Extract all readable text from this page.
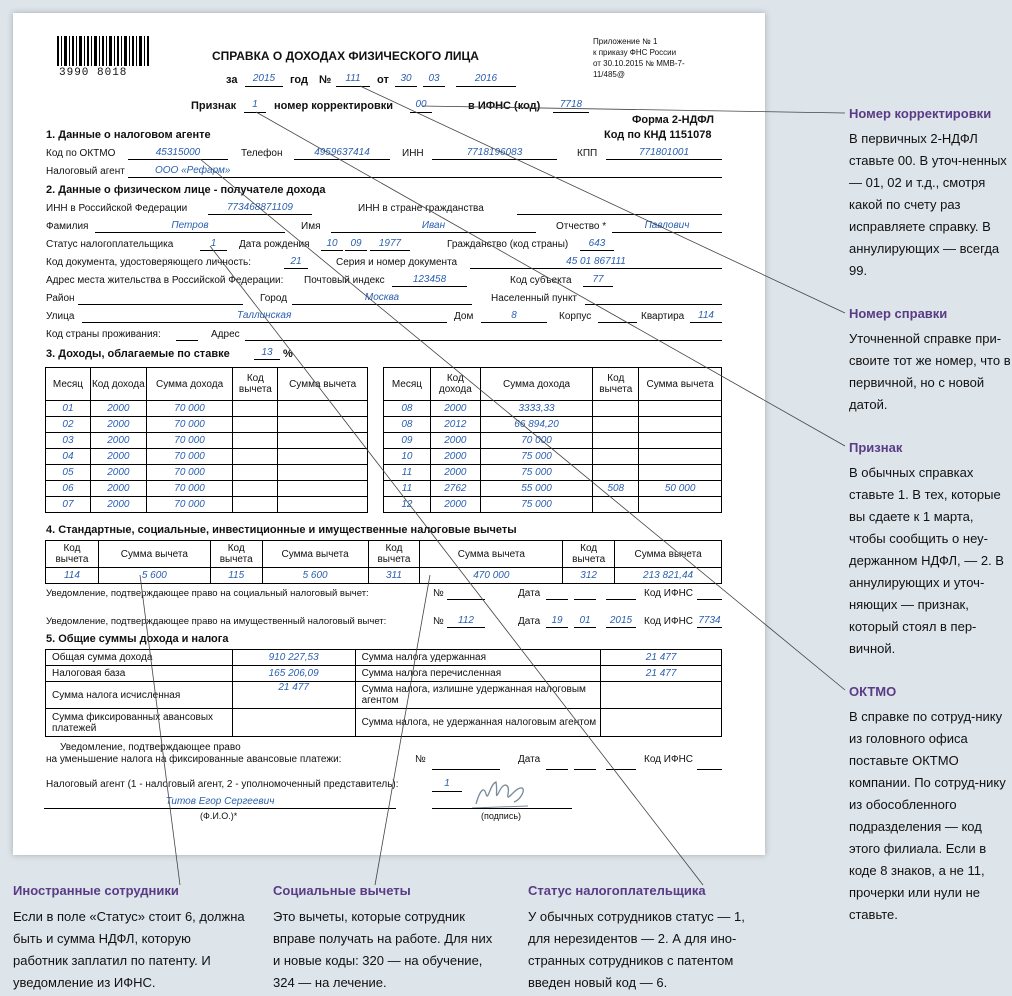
3990 8018
СПРАВКА О ДОХОДАХ ФИЗИЧЕСКОГО ЛИЦА
за	2015	год №	111	от	30	03	2016
Приложение № 1
к приказу ФНС России
от 30.10.2015 № ММВ-7-
11/485@
Признак	1	номер корректировки	00	в ИФНС (код)	7718
Форма 2-НДФЛ
Код по КНД 1151078
1. Данные о налоговом агенте
Код по ОКТМО	45315000	Телефон	4959637414	ИНН	7718196083	КПП	771801001
Налоговый агент	ООО «Рефарм»
2. Данные о физическом лице - получателе дохода
ИНН в Российской Федерации	773468871109	ИНН в стране гражданства
Фамилия	Петров	Имя	Иван	Отчество *	Павлович
Статус налогоплательщика	1	Дата рождения	10	09	1977	Гражданство (код страны)	643
Код документа, удостоверяющего личность:	21	Серия и номер документа	45 01 867111
Адрес места жительства в Российской Федерации: Почтовый индекс	123458	Код субъекта	77
Район	Город	Москва	Населенный пункт
Улица	Таллинская	Дом	8	Корпус	Квартира	114
Код страны проживания:	Адрес
3. Доходы, облагаемые по ставке	13 %
Месяц	Код дохода	Сумма дохода	Код вычета	Сумма вычета
01	2000	70 000		
02	2000	70 000		
03	2000	70 000		
04	2000	70 000		
05	2000	70 000		
06	2000	70 000		
07	2000	70 000		
Месяц	Код дохода	Сумма дохода	Код вычета	Сумма вычета
08	2000	3333,33		
08	2012	66 894,20		
09	2000	70 000		
10	2000	75 000		
11	2000	75 000		
11	2762	55 000	508	50 000
12	2000	75 000		
4. Стандартные, социальные, инвестиционные и имущественные налоговые вычеты
Код вычета	Сумма вычета	Код вычета	Сумма вычета	Код вычета	Сумма вычета	Код вычета	Сумма вычета
114	5 600	115	5 600	311	470 000	312	213 821,44
Уведомление, подтверждающее право на социальный налоговый вычет:	№	Дата	Код ИФНС
Уведомление, подтверждающее право на имущественный налоговый вычет:	№	112	Дата	19	01	2015	Код ИФНС 7734
5. Общие суммы дохода и налога
Общая сумма дохода	910 227,53	Сумма налога удержанная	21 477
Налоговая база	165 206,09	Сумма налога перечисленная	21 477
Сумма налога исчисленная	21 477	Сумма налога, излишне удержанная налоговым агентом	
Сумма фиксированных авансовых платежей		Сумма налога, не удержанная налоговым агентом	
Уведомление, подтверждающее правo
на уменьшение налога на фиксированные авансовые платежи:	№	Дата	Код ИФНС
Налоговый агент (1 - налоговый агент, 2 - уполномоченный представитель):	1
Титов Егор Сергеевич
(Ф.И.О.)*	(подпись)
Номер корректировки
В первичных 2-НДФЛ ставьте 00. В уточ-ненных — 01, 02 и т.д., смотря какой по счету раз исправляете справку. В аннулирующих — всегда 99.
Номер справки
Уточненной справке при-своите тот же номер, что в первичной, но с новой датой.
Признак
В обычных справках ставьте 1. В тех, которые вы сдаете к 1 марта, чтобы сообщить о неу-держанном НДФЛ, — 2. В аннулирующих и уточ-няющих — признак, который стоял в пер-вичной.
ОКТМО
В справке по сотруд-нику из головного офиса поставьте ОКТМО компании. По сотруд-нику из обособленного подразделения — код этого филиала. Если в коде 8 знаков, а не 11, прочерки или нули не ставьте.
Иностранные сотрудники
Если в поле «Статус» стоит 6, должна быть и сумма НДФЛ, которую работник заплатил по патенту. И уведомление из ИФНС.
Социальные вычеты
Это вычеты, которые сотрудник вправе получать на работе. Для них и новые коды: 320 — на обучение, 324 — на лечение.
Статус налогоплательщика
У обычных сотрудников статус — 1, для нерезидентов — 2. А для ино-странных сотрудников с патентом введен новый код — 6.
